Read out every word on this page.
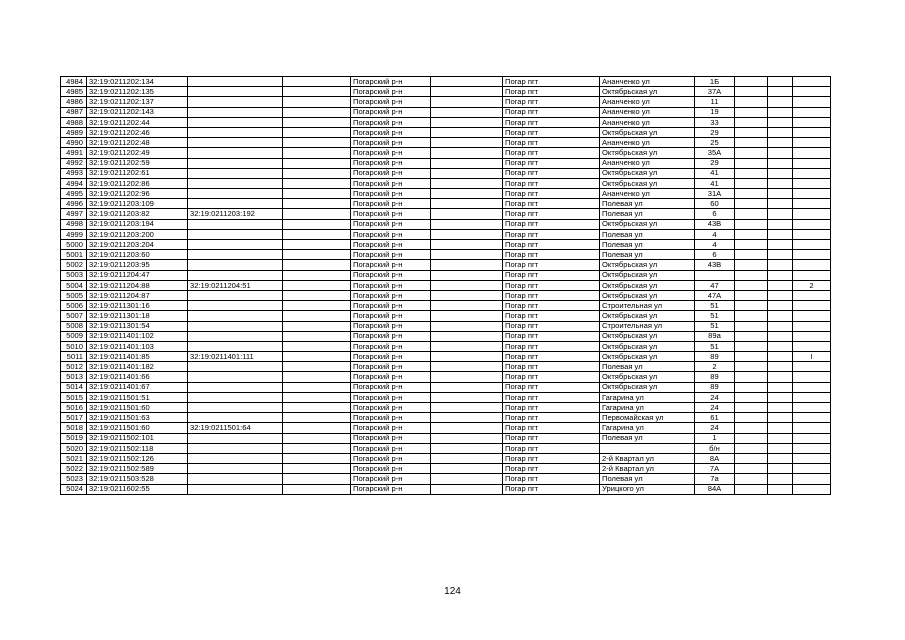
4984	32:19:0211202:134			Погарский р-н		Погар пгт	Ананченко ул	1Б			
4985	32:19:0211202:135			Погарский р-н		Погар пгт	Октябрьская ул	37А			
4986	32:19:0211202:137			Погарский р-н		Погар пгт	Ананченко ул	11			
4987	32:19:0211202:143			Погарский р-н		Погар пгт	Ананченко ул	19			
4988	32:19:0211202:44			Погарский р-н		Погар пгт	Ананченко ул	33			
4989	32:19:0211202:46			Погарский р-н		Погар пгт	Октябрьская ул	29			
4990	32:19:0211202:48			Погарский р-н		Погар пгт	Ананченко ул	25			
4991	32:19:0211202:49			Погарский р-н		Погар пгт	Октябрьская ул	35А			
4992	32:19:0211202:59			Погарский р-н		Погар пгт	Ананченко ул	29			
4993	32:19:0211202:61			Погарский р-н		Погар пгт	Октябрьская ул	41			
4994	32:19:0211202:86			Погарский р-н		Погар пгт	Октябрьская ул	41			
4995	32:19:0211202:96			Погарский р-н		Погар пгт	Ананченко ул	31А			
4996	32:19:0211203:109			Погарский р-н		Погар пгт	Полевая ул	60			
4997	32:19:0211203:82	32:19:0211203:192		Погарский р-н		Погар пгт	Полевая ул	6			
4998	32:19:0211203:194			Погарский р-н		Погар пгт	Октябрьская ул	43В			
4999	32:19:0211203:200			Погарский р-н		Погар пгт	Полевая ул	4			
5000	32:19:0211203:204			Погарский р-н		Погар пгт	Полевая ул	4			
5001	32:19:0211203:60			Погарский р-н		Погар пгт	Полевая ул	6			
5002	32:19:0211203:95			Погарский р-н		Погар пгт	Октябрьская ул	43В			
5003	32:19:0211204:47			Погарский р-н		Погар пгт	Октябрьская ул				
5004	32:19:0211204:88	32:19:0211204:51		Погарский р-н		Погар пгт	Октябрьская ул	47			2
5005	32:19:0211204:87			Погарский р-н		Погар пгт	Октябрьская ул	47А			
5006	32:19:0211301:16			Погарский р-н		Погар пгт	Строительная ул	51			
5007	32:19:0211301:18			Погарский р-н		Погар пгт	Октябрьская ул	51			
5008	32:19:0211301:54			Погарский р-н		Погар пгт	Строительная ул	51			
5009	32:19:0211401:102			Погарский р-н		Погар пгт	Октябрьская ул	89а			
5010	32:19:0211401:103			Погарский р-н		Погар пгт	Октябрьская ул	51			
5011	32:19:0211401:85	32:19:0211401:111		Погарский р-н		Погар пгт	Октябрьская ул	89			I
5012	32:19:0211401:182			Погарский р-н		Погар пгт	Полевая ул	2			
5013	32:19:0211401:66			Погарский р-н		Погар пгт	Октябрьская ул	89			
5014	32:19:0211401:67			Погарский р-н		Погар пгт	Октябрьская ул	89			
5015	32:19:0211501:51			Погарский р-н		Погар пгт	Гагарина ул	24			
5016	32:19:0211501:60			Погарский р-н		Погар пгт	Гагарина ул	24			
5017	32:19:0211501:63			Погарский р-н		Погар пгт	Первомайская ул	61			
5018	32:19:0211501:60	32:19:0211501:64		Погарский р-н		Погар пгт	Гагарина ул	24			
5019	32:19:0211502:101			Погарский р-н		Погар пгт	Полевая ул	1			
5020	32:19:0211502:118			Погарский р-н		Погар пгт		б/н			
5021	32:19:0211502:126			Погарский р-н		Погар пгт	2-й Квартал ул	8А			
5022	32:19:0211502:589			Погарский р-н		Погар пгт	2-й Квартал ул	7А			
5023	32:19:0211503:528			Погарский р-н		Погар пгт	Полевая ул	7а			
5024	32:19:0211602:55			Погарский р-н		Погар пгт	Урицкого ул	84А			
124
